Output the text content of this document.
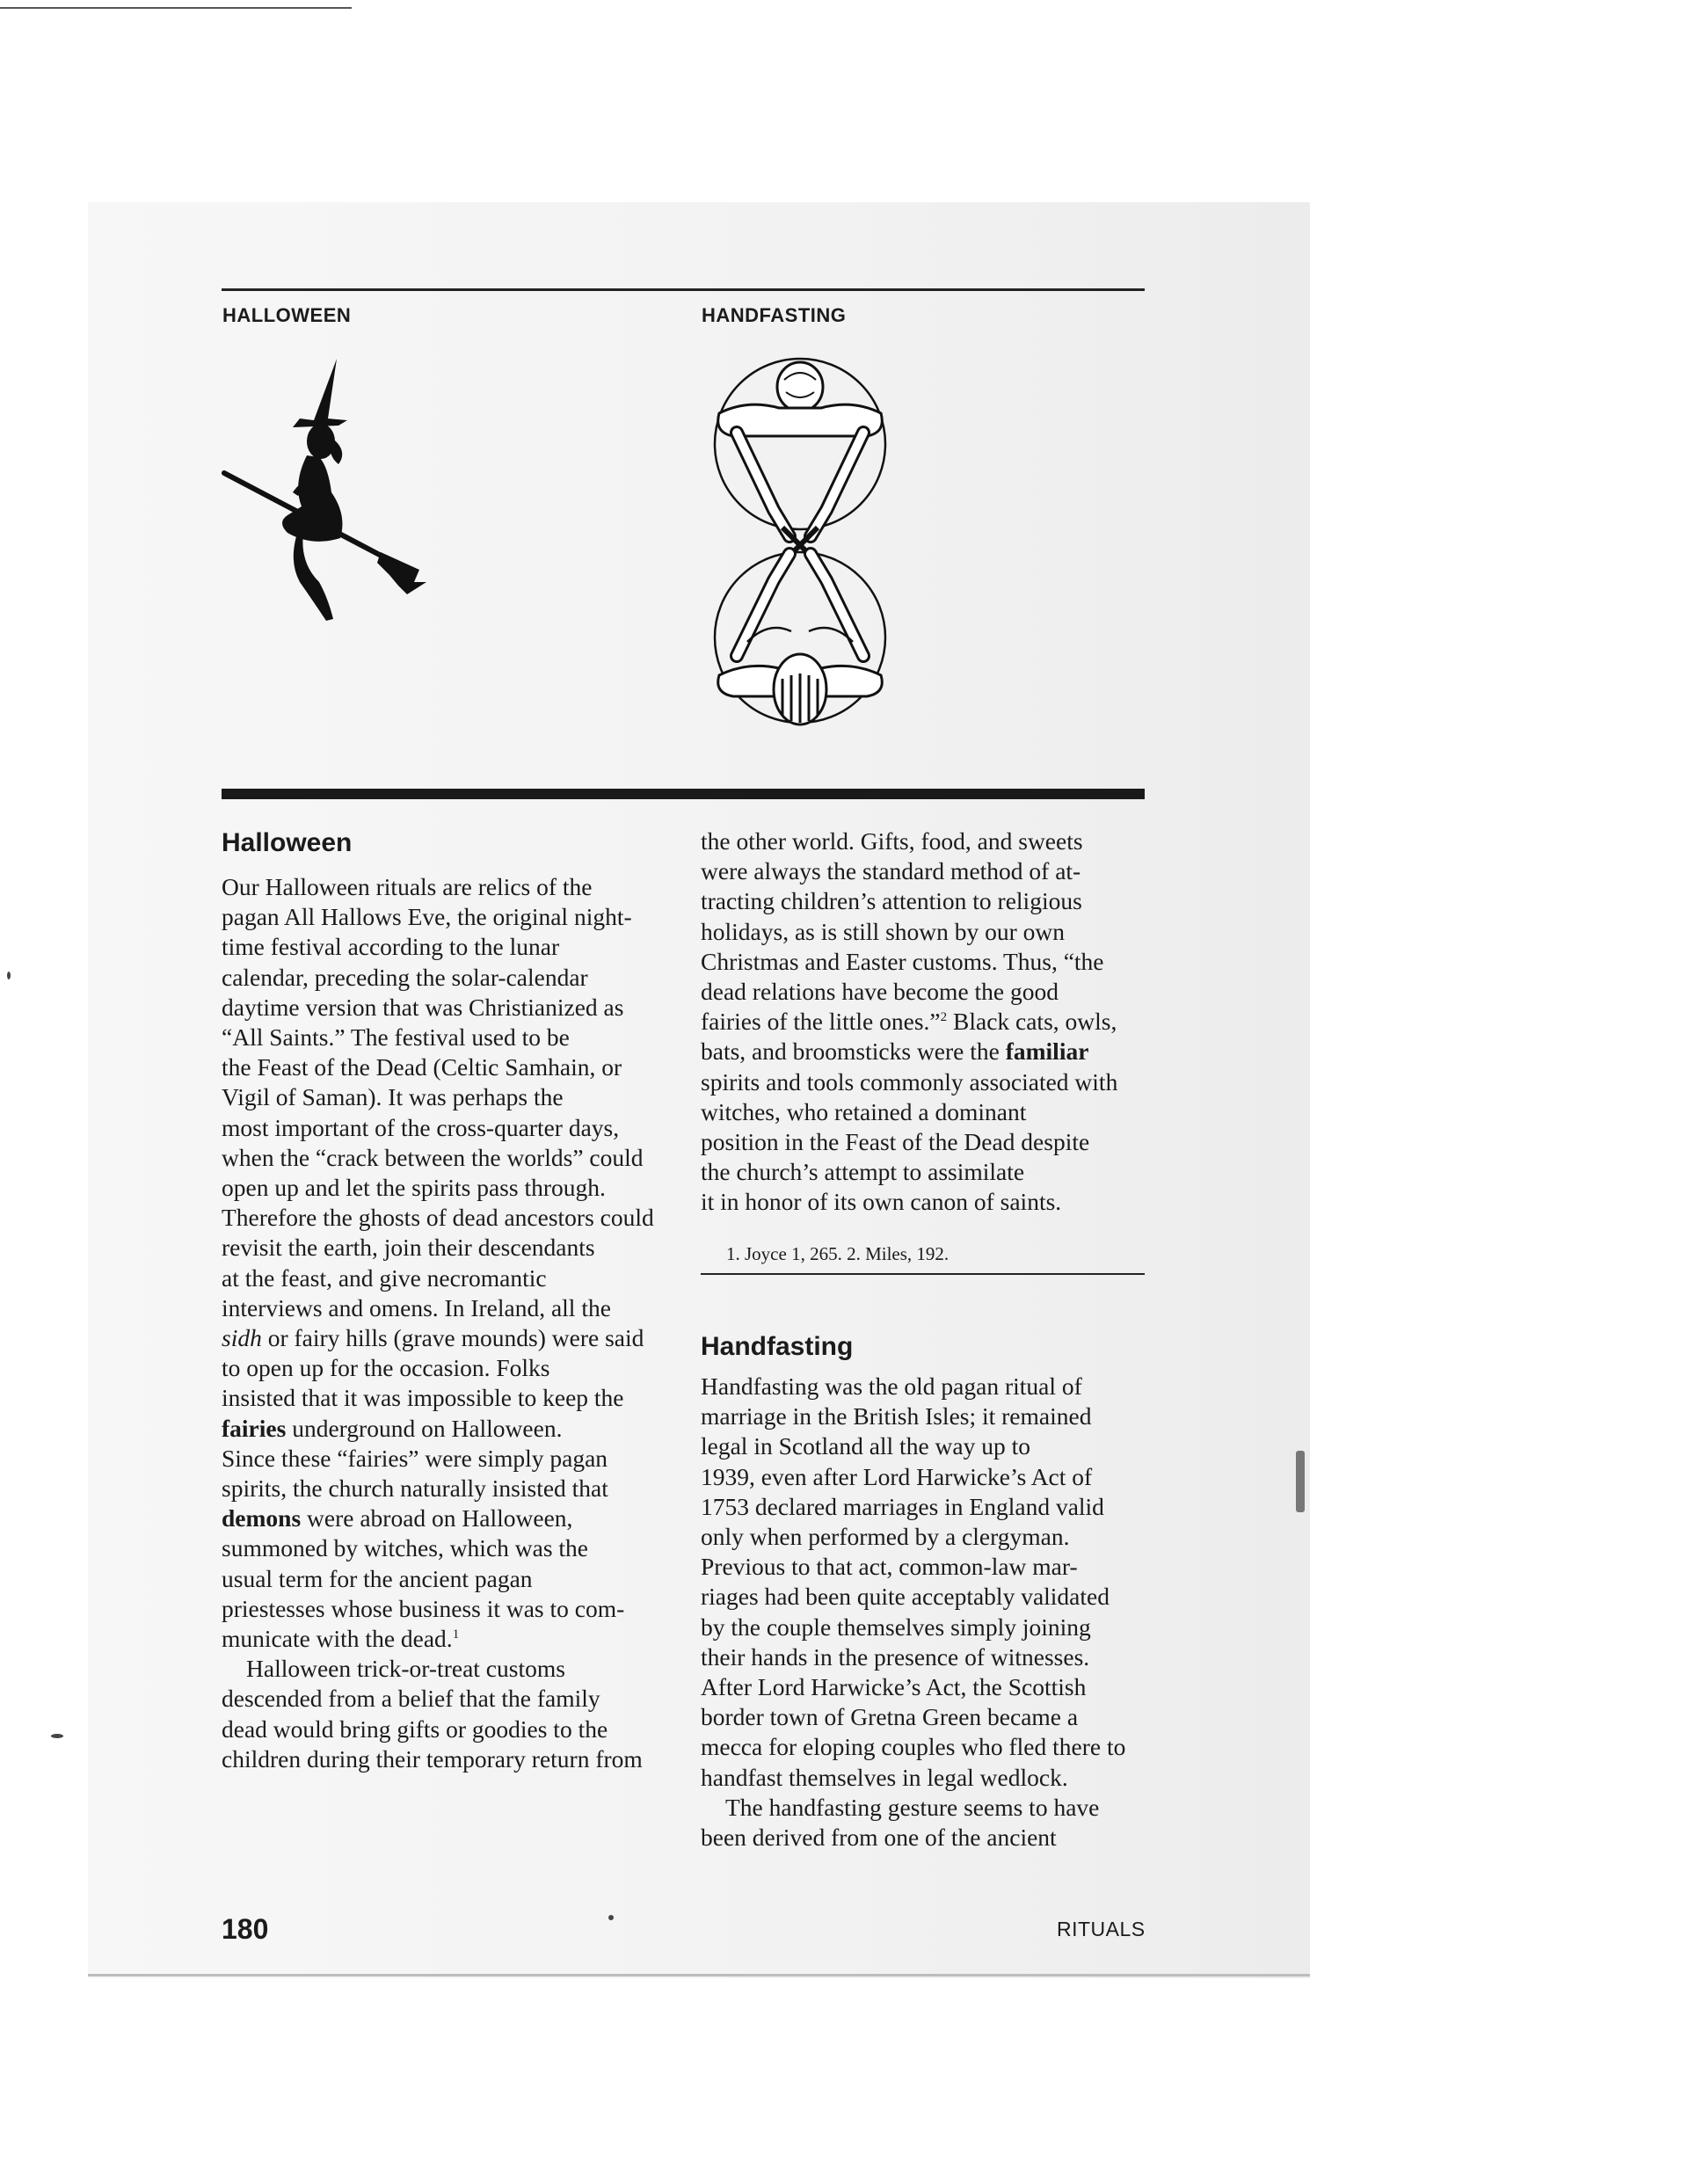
HALLOWEEN	HANDFASTING
Halloween

Our Halloween rituals are relics of the
pagan All Hallows Eve, the original night-
time festival according to the lunar
calendar, preceding the solar-calendar
daytime version that was Christianized as
“All Saints.” The festival used to be
the Feast of the Dead (Celtic Samhain, or
Vigil of Saman). It was perhaps the
most important of the cross-quarter days,
when the “crack between the worlds” could
open up and let the spirits pass through.
Therefore the ghosts of dead ancestors could
revisit the earth, join their descendants
at the feast, and give necromantic
interviews and omens. In Ireland, all the
sidh or fairy hills (grave mounds) were said
to open up for the occasion. Folks
insisted that it was impossible to keep the
fairies underground on Halloween.
Since these “fairies” were simply pagan
spirits, the church naturally insisted that
demons were abroad on Halloween,
summoned by witches, which was the
usual term for the ancient pagan
priestesses whose business it was to com-
municate with the dead.$^1$

Halloween trick-or-treat customs

descended from a belief that the family
dead would bring gifts or goodies to the
children during their temporary return from

the other world. Gifts, food, and sweets
were always the standard method of at-
tracting children’s attention to religious
holidays, as is still shown by our own
Christmas and Easter customs. Thus, “the
dead relations have become the good
fairies of the little ones.”$^2$ Black cats, owls,
bats, and broomsticks were the familiar
spirits and tools commonly associated with
witches, who retained a dominant
position in the Feast of the Dead despite
the church’s attempt to assimilate
it in honor of its own canon of saints.

1. Joyce 1, 265. 2. Miles, 192.
Handfasting

Handfasting was the old pagan ritual of
marriage in the British Isles; it remained
legal in Scotland all the way up to
1939, even after Lord Harwicke’s Act of
1753 declared marriages in England valid
only when performed by a clergyman.
Previous to that act, common-law mar-
riages had been quite acceptably validated
by the couple themselves simply joining
their hands in the presence of witnesses.
After Lord Harwicke’s Act, the Scottish
border town of Gretna Green became a
mecca for eloping couples who fled there to
handfast themselves in legal wedlock.

The handfasting gesture seems to have

been derived from one of the ancient

180	RITUALS
